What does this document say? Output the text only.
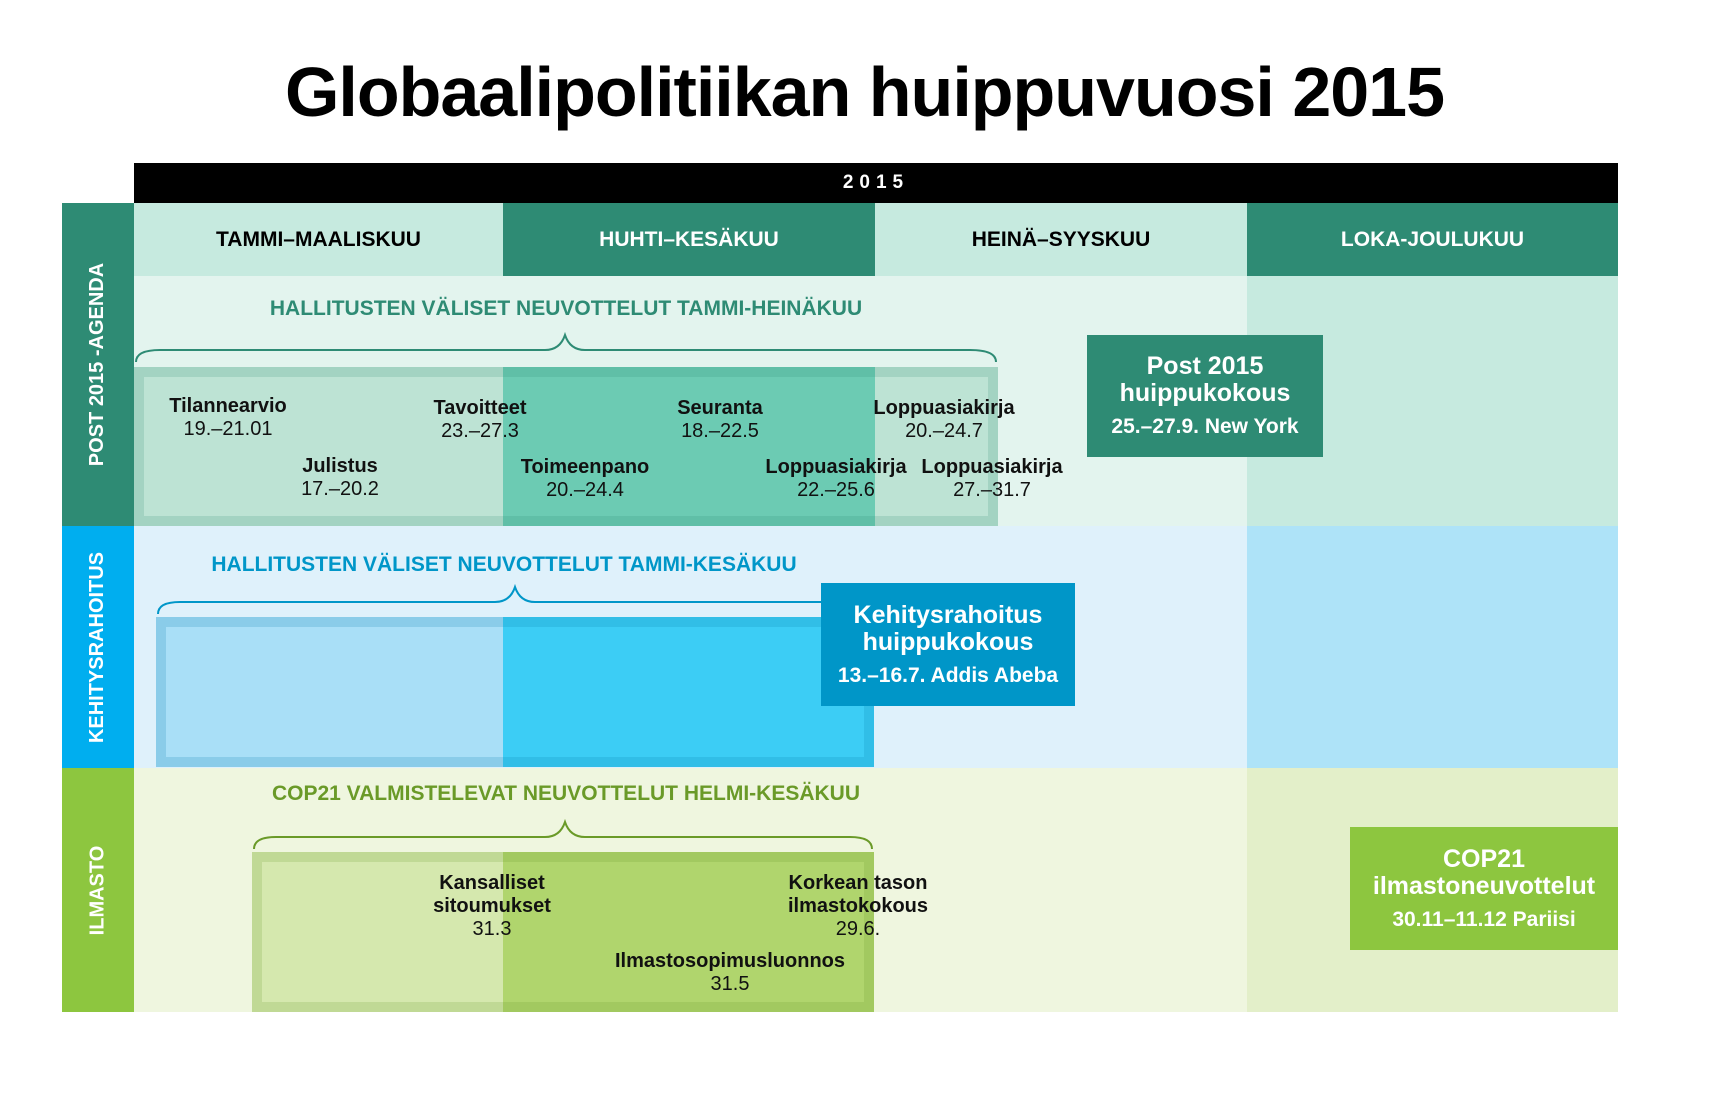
Globaalipolitiikan huippuvuosi 2015
2015
TAMMI–MAALISKUU	HUHTI–KESÄKUU	HEINÄ–SYYSKUU	LOKA-JOULUKUU
POST 2015 -AGENDA
KEHITYSRAHOITUS
ILMASTO
HALLITUSTEN VÄLISET NEUVOTTELUT TAMMI-HEINÄKUU
Tilannearvio
19.–21.01
Julistus
17.–20.2
Tavoitteet
23.–27.3
Toimeenpano
20.–24.4
Seuranta
18.–22.5
Loppuasiakirja
22.–25.6
Loppuasiakirja
20.–24.7
Loppuasiakirja
27.–31.7
Post 2015
huippukokous
25.–27.9. New York
HALLITUSTEN VÄLISET NEUVOTTELUT TAMMI-KESÄKUU
Kehitysrahoitus
huippukokous
13.–16.7. Addis Abeba
COP21 VALMISTELEVAT NEUVOTTELUT HELMI-KESÄKUU
Kansalliset
sitoumukset
31.3
Korkean tason
ilmastokokous
29.6.
Ilmastosopimusluonnos
31.5
COP21
ilmastoneuvottelut
30.11–11.12 Pariisi
